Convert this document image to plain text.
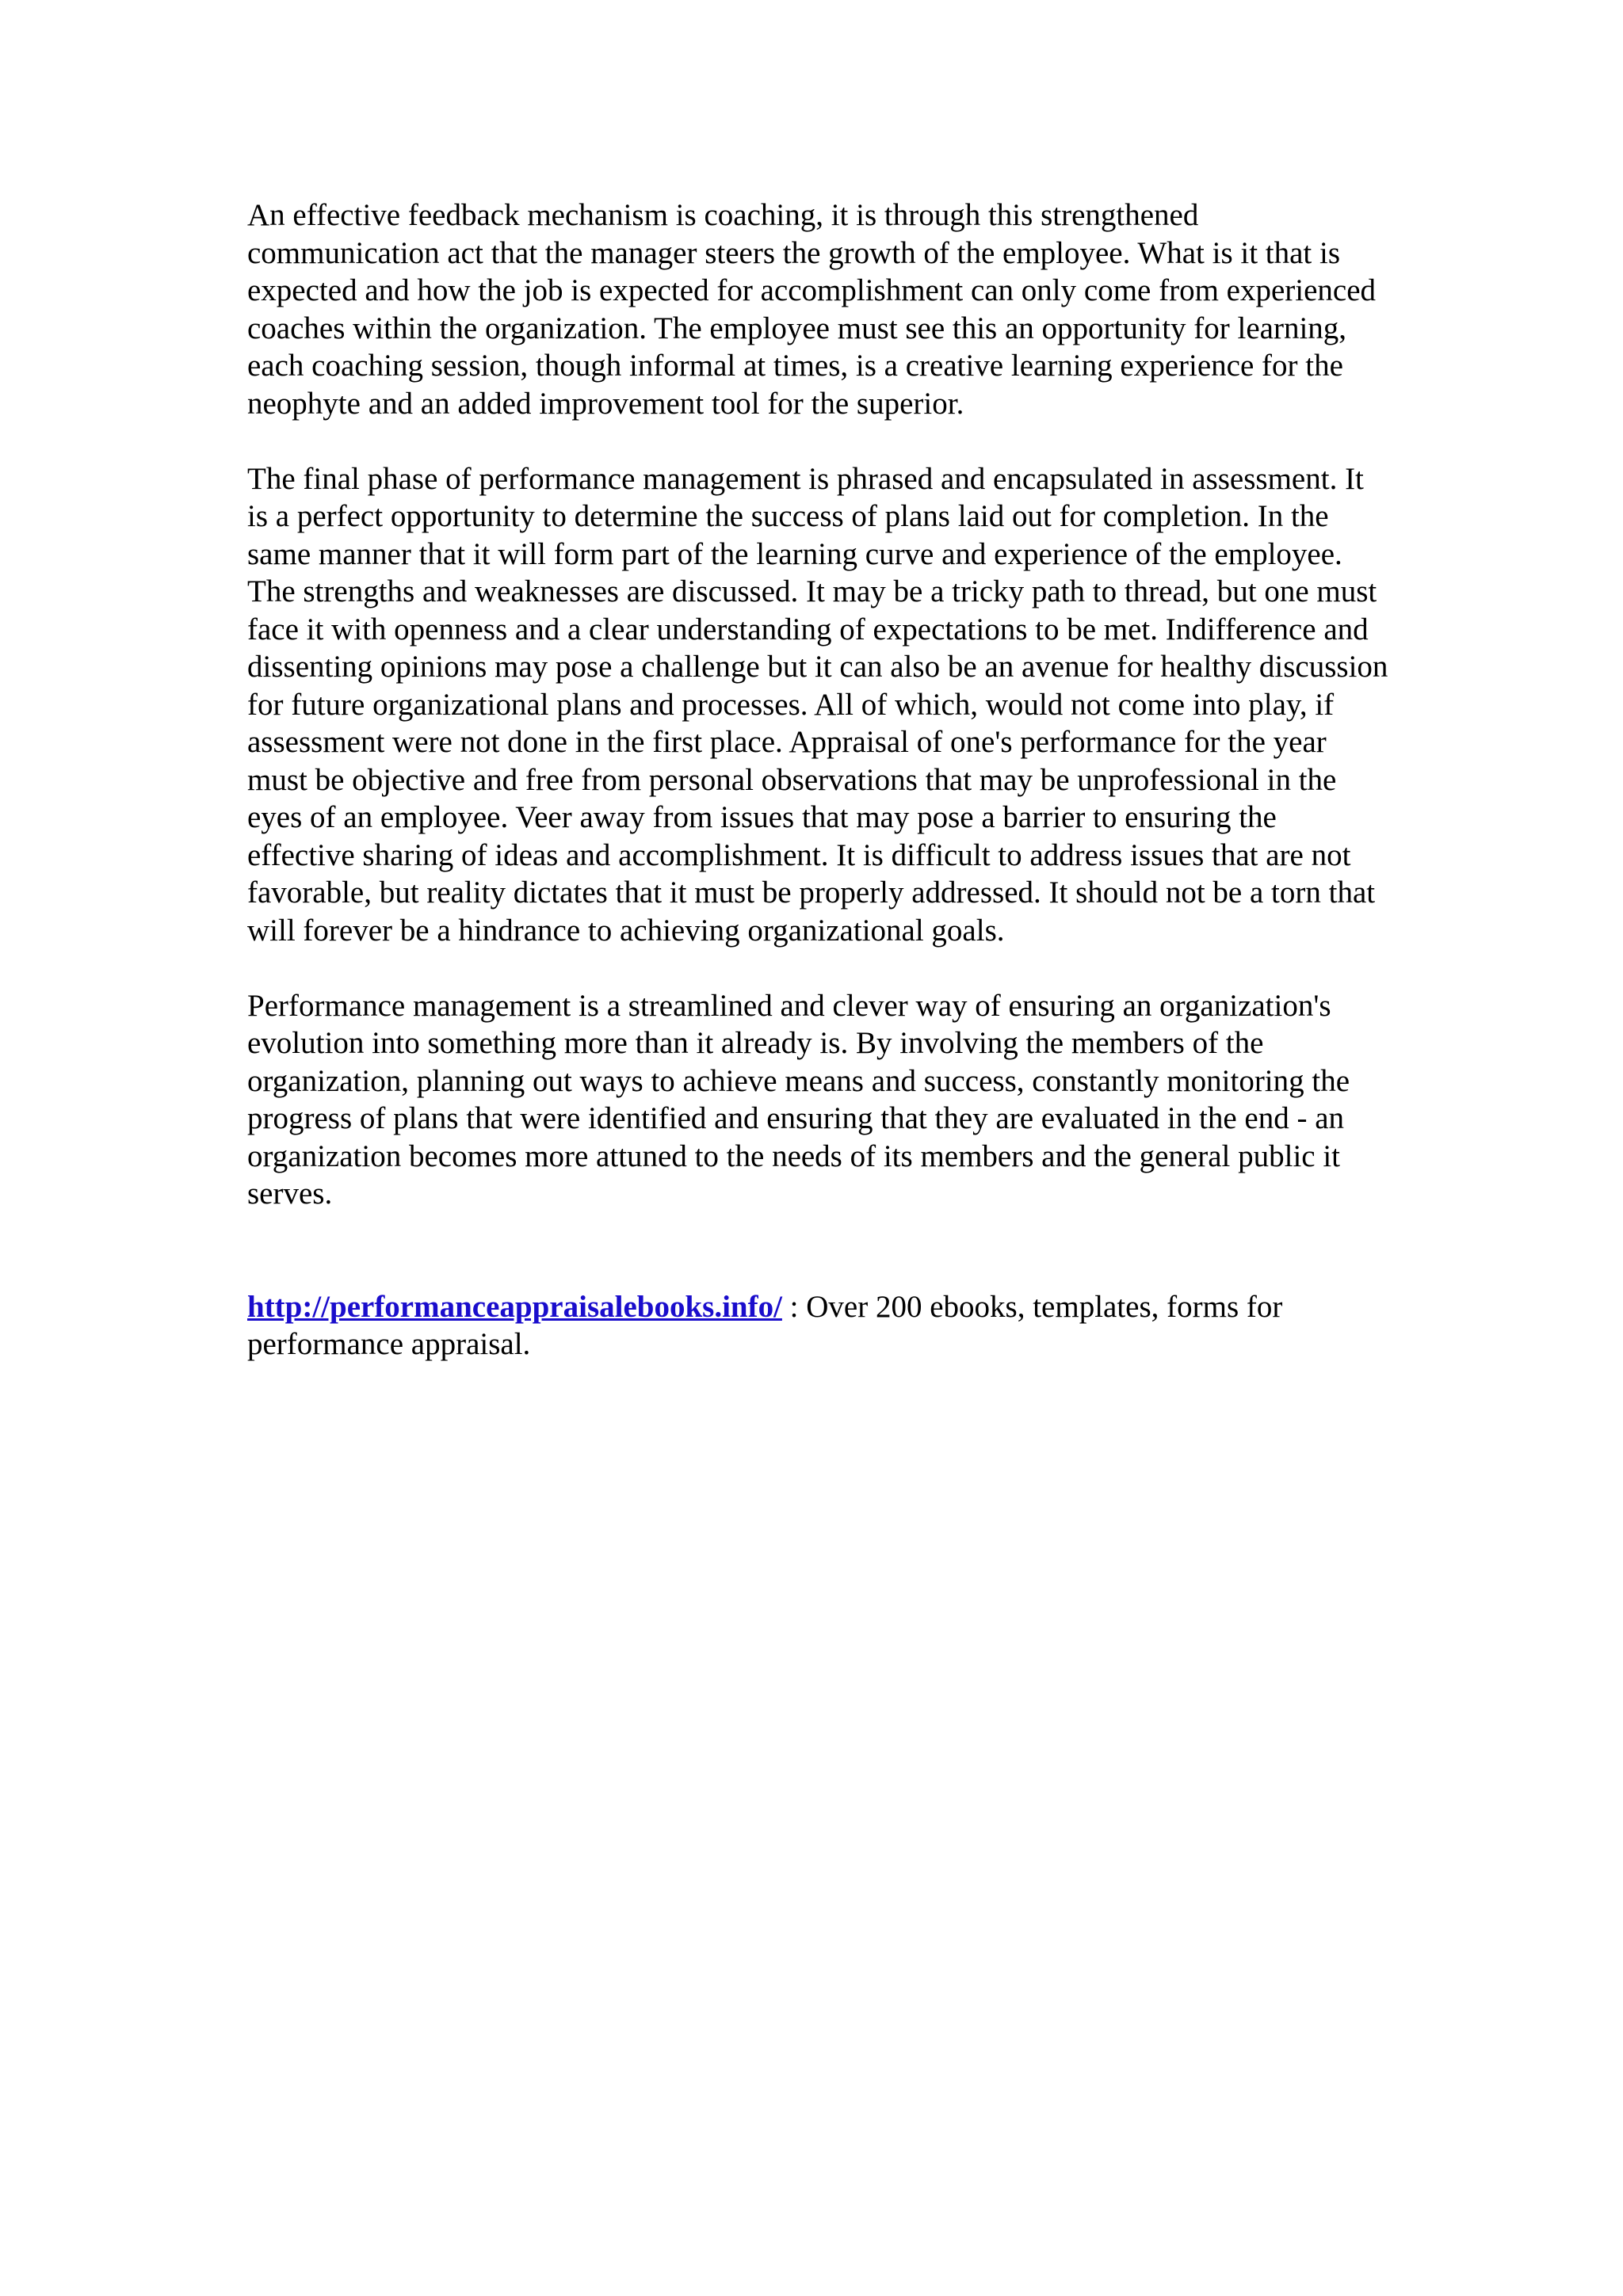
An effective feedback mechanism is coaching, it is through this strengthened communication act that the manager steers the growth of the employee. What is it that is expected and how the job is expected for accomplishment can only come from experienced coaches within the organization. The employee must see this an opportunity for learning, each coaching session, though informal at times, is a creative learning experience for the neophyte and an added improvement tool for the superior.

The final phase of performance management is phrased and encapsulated in assessment. It is a perfect opportunity to determine the success of plans laid out for completion. In the same manner that it will form part of the learning curve and experience of the employee. The strengths and weaknesses are discussed. It may be a tricky path to thread, but one must face it with openness and a clear understanding of expectations to be met. Indifference and dissenting opinions may pose a challenge but it can also be an avenue for healthy discussion for future organizational plans and processes. All of which, would not come into play, if assessment were not done in the first place. Appraisal of one's performance for the year must be objective and free from personal observations that may be unprofessional in the eyes of an employee. Veer away from issues that may pose a barrier to ensuring the effective sharing of ideas and accomplishment. It is difficult to address issues that are not favorable, but reality dictates that it must be properly addressed. It should not be a torn that will forever be a hindrance to achieving organizational goals.

Performance management is a streamlined and clever way of ensuring an organization's evolution into something more than it already is. By involving the members of the organization, planning out ways to achieve means and success, constantly monitoring the progress of plans that were identified and ensuring that they are evaluated in the end - an organization becomes more attuned to the needs of its members and the general public it serves.

http://performanceappraisalebooks.info/ : Over 200 ebooks, templates, forms for performance appraisal.
